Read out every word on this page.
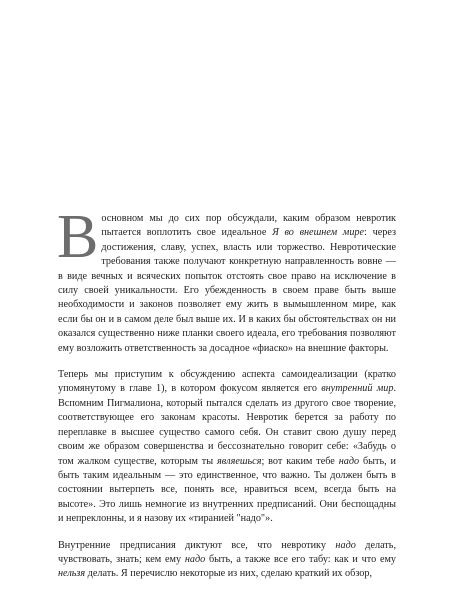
Восновном мы до сих пор обсуждали, каким образом невротик пытается воплотить свое идеальное Я во внешнем мире: через достижения, славу, успех, власть или торжество. Невротические требования также получают конкретную направленность вовне — в виде вечных и всяческих попыток отстоять свое право на исключение в силу своей уникальности. Его убежденность в своем праве быть выше необходимости и законов позволяет ему жить в вымышленном мире, как если бы он и в самом деле был выше их. И в каких бы обстоятельствах он ни оказался существенно ниже планки своего идеала, его требования позволяют ему возложить ответственность за досадное «фиаско» на внешние факторы.

Теперь мы приступим к обсуждению аспекта самоидеализации (кратко упомянутому в главе 1), в котором фокусом является его внутренний мир. Вспомним Пигмалиона, который пытался сделать из другого свое творение, соответствующее его законам красоты. Невротик берется за работу по переплавке в высшее существо самого себя. Он ставит свою душу перед своим же образом совершенства и бессознательно говорит себе: «Забудь о том жалком существе, которым ты являешься; вот каким тебе надо быть, и быть таким идеальным — это единственное, что важно. Ты должен быть в состоянии вытерпеть все, понять все, нравиться всем, всегда быть на высоте». Это лишь немногие из внутренних предписаний. Они беспощадны и непреклонны, и я назову их «тиранией "надо"».

Внутренние предписания диктуют все, что невротику надо делать, чувствовать, знать; кем ему надо быть, а также все его табу: как и что ему нельзя делать. Я перечислю некоторые из них, сделаю краткий их обзор,
